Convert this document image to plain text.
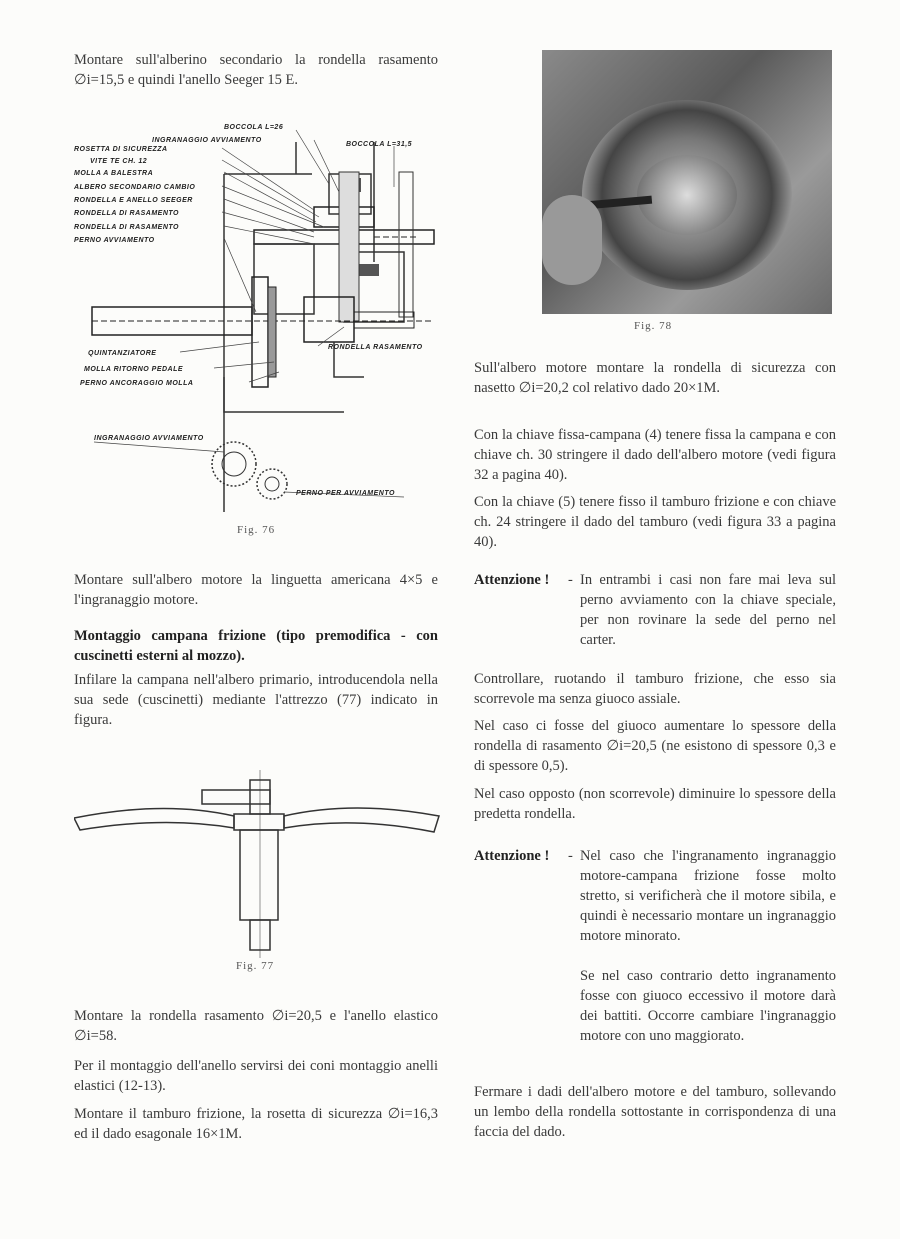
Montare sull'alberino secondario la rondella rasamento ∅i=15,5 e quindi l'anello Seeger 15 E.

BOCCOLA L=26
INGRANAGGIO AVVIAMENTO
BOCCOLA L=31,5
ROSETTA DI SICUREZZA
VITE TE CH. 12
MOLLA A BALESTRA
ALBERO SECONDARIO CAMBIO
RONDELLA E ANELLO SEEGER
RONDELLA DI RASAMENTO
RONDELLA DI RASAMENTO
PERNO AVVIAMENTO
QUINTANZIATORE
MOLLA RITORNO PEDALE
PERNO ANCORAGGIO MOLLA
RONDELLA RASAMENTO
INGRANAGGIO AVVIAMENTO
PERNO PER AVVIAMENTO
Fig. 76

Montare sull'albero motore la linguetta americana 4×5 e l'ingranaggio motore.

Montaggio campana frizione (tipo premodifica - con cuscinetti esterni al mozzo).

Infilare la campana nell'albero primario, introducendola nella sua sede (cuscinetti) mediante l'attrezzo (77) indicato in figura.

Fig. 77

Montare la rondella rasamento ∅i=20,5 e l'anello elastico ∅i=58.

Per il montaggio dell'anello servirsi dei coni montaggio anelli elastici (12-13).

Montare il tamburo frizione, la rosetta di sicurezza ∅i=16,3 ed il dado esagonale 16×1M.

Fig. 78

Sull'albero motore montare la rondella di sicurezza con nasetto ∅i=20,2 col relativo dado 20×1M.

Con la chiave fissa-campana (4) tenere fissa la campana e con chiave ch. 30 stringere il dado dell'albero motore (vedi figura 32 a pagina 40).

Con la chiave (5) tenere fisso il tamburo frizione e con chiave ch. 24 stringere il dado del tamburo (vedi figura 33 a pagina 40).

Attenzione ! - In entrambi i casi non fare mai leva sul perno avviamento con la chiave speciale, per non rovinare la sede del perno nel carter.

Controllare, ruotando il tamburo frizione, che esso sia scorrevole ma senza giuoco assiale.

Nel caso ci fosse del giuoco aumentare lo spessore della rondella di rasamento ∅i=20,5 (ne esistono di spessore 0,3 e di spessore 0,5).

Nel caso opposto (non scorrevole) diminuire lo spessore della predetta rondella.

Attenzione ! - Nel caso che l'ingranamento ingranaggio motore-campana frizione fosse molto stretto, si verificherà che il motore sibila, e quindi è necessario montare un ingranaggio motore minorato.
Se nel caso contrario detto ingranamento fosse con giuoco eccessivo il motore darà dei battiti. Occorre cambiare l'ingranaggio motore con uno maggiorato.

Fermare i dadi dell'albero motore e del tamburo, sollevando un lembo della rondella sottostante in corrispondenza di una faccia del dado.
